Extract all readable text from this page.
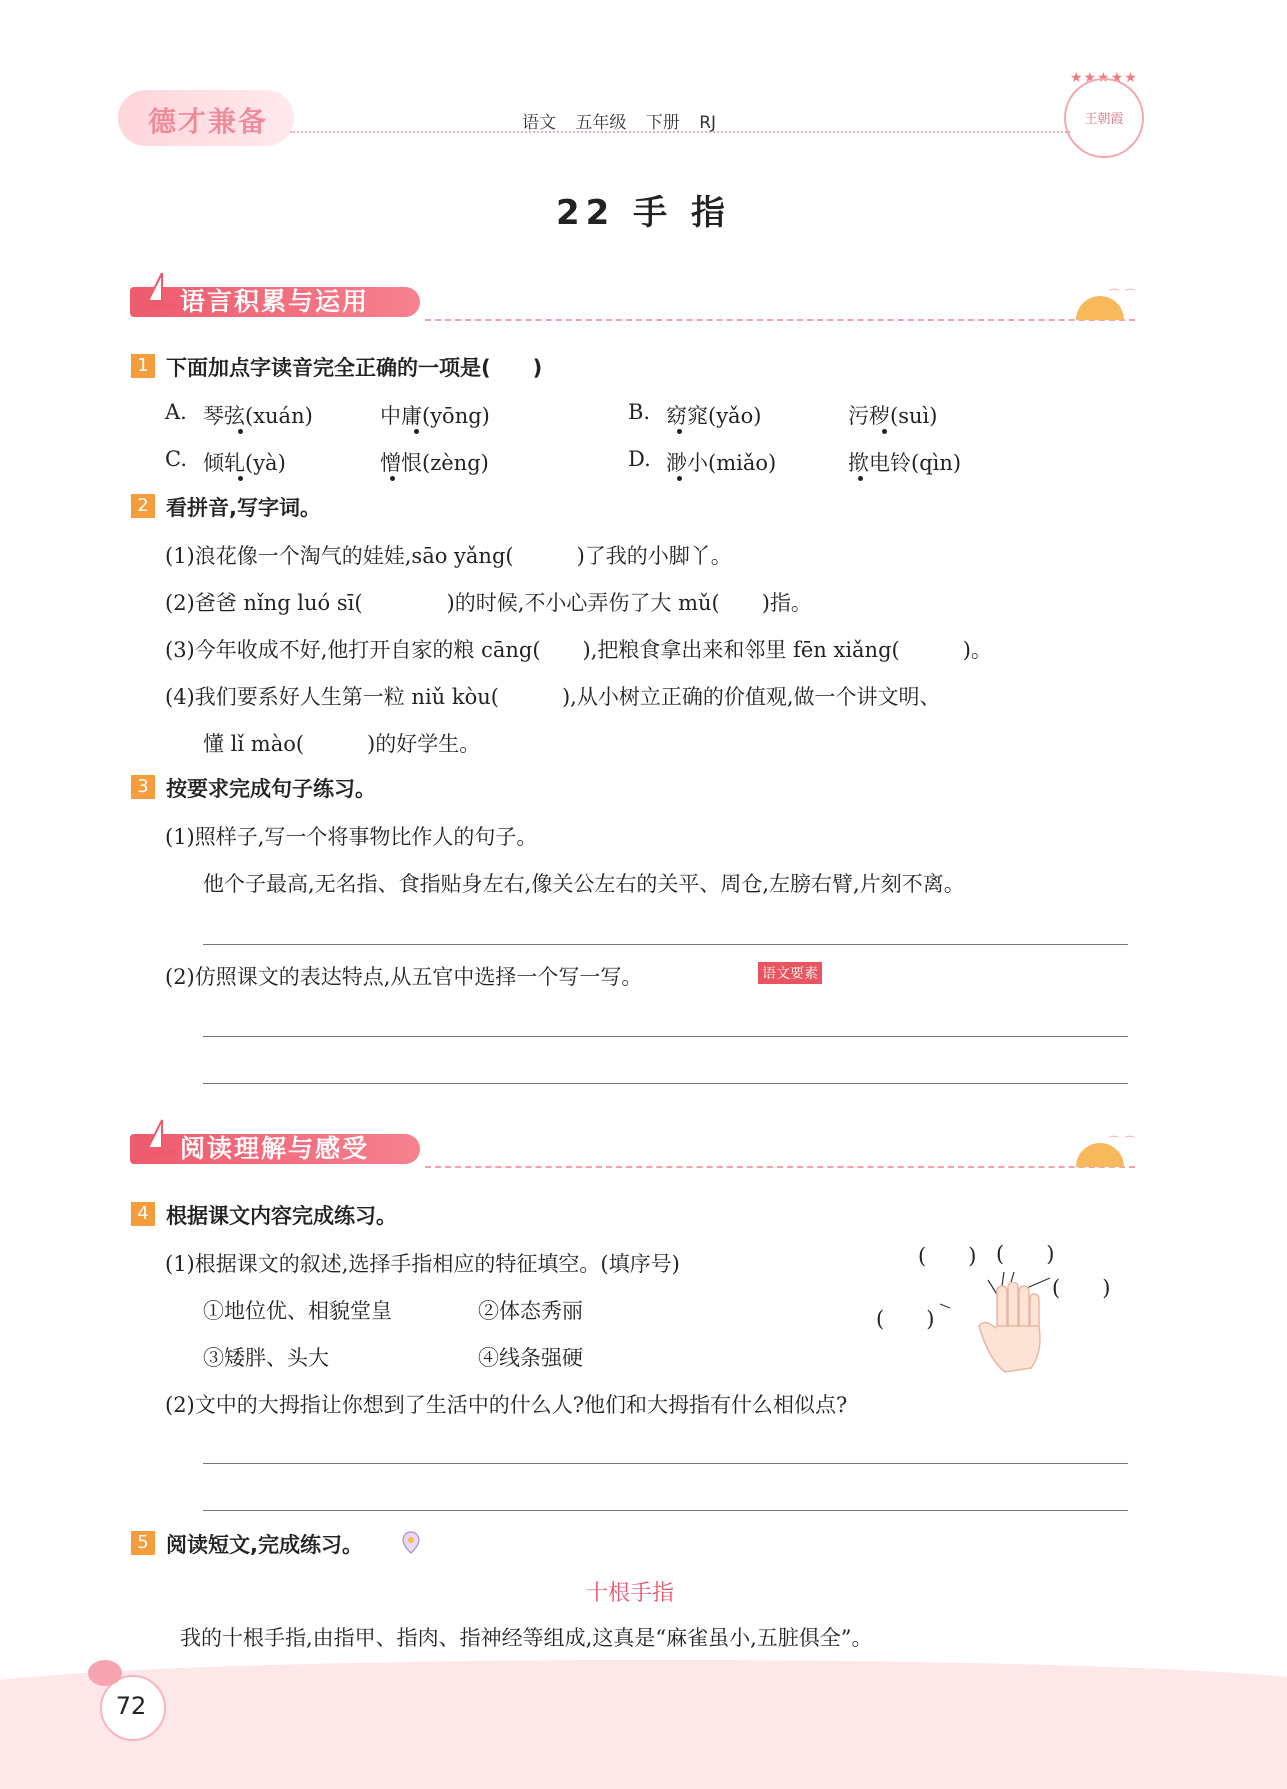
德才兼备	语文 五年级 下册 RJ
★★★★★
王朝霞
22 手 指
语言积累与运用	⌒ ⌒
1 下面加点字读音完全正确的一项是(　　)
A. 琴弦(xuán)	中庸(yōng)	B. 窈窕(yǎo)	污秽(suì)
C. 倾轧(yà)	憎恨(zèng)	D. 渺小(miǎo)	揿电铃(qìn)
2 看拼音,写字词。
(1)浪花像一个淘气的娃娃,sāo yǎng(　　　)了我的小脚丫。
(2)爸爸 nǐng luó sī(　　　　)的时候,不小心弄伤了大 mǔ(　　)指。
(3)今年收成不好,他打开自家的粮 cāng(　　),把粮食拿出来和邻里 fēn xiǎng(　　　)。
(4)我们要系好人生第一粒 niǔ kòu(　　　),从小树立正确的价值观,做一个讲文明、
懂 lǐ mào(　　　)的好学生。
3 按要求完成句子练习。
(1)照样子,写一个将事物比作人的句子。
他个子最高,无名指、食指贴身左右,像关公左右的关平、周仓,左膀右臂,片刻不离。
(2)仿照课文的表达特点,从五官中选择一个写一写。	语文要素
阅读理解与感受	⌒ ⌒
4 根据课文内容完成练习。
(1)根据课文的叙述,选择手指相应的特征填空。(填序号)
①地位优、相貌堂皇	②体态秀丽
③矮胖、头大	④线条强硬
(　　) (　　)
(　　)
(　　)
(2)文中的大拇指让你想到了生活中的什么人?他们和大拇指有什么相似点?
5 阅读短文,完成练习。
十根手指
我的十根手指,由指甲、指肉、指神经等组成,这真是“麻雀虽小,五脏俱全”。
72
